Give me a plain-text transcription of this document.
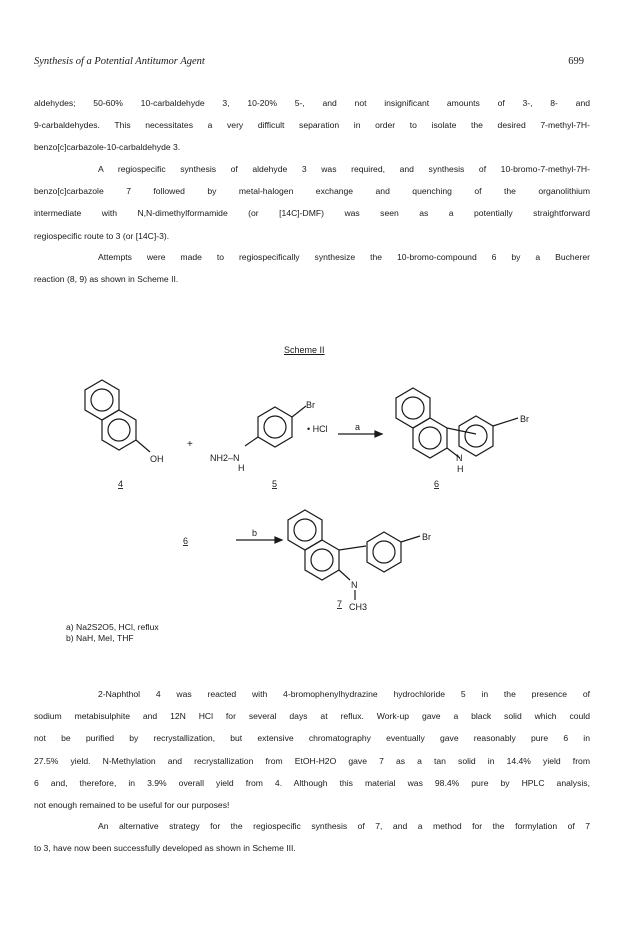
Synthesis of a Potential Antitumor Agent	699
aldehydes; 50-60% 10-carbaldehyde 3, 10-20% 5-, and not insignificant amounts of 3-, 8- and
9-carbaldehydes. This necessitates a very difficult separation in order to isolate the desired 7-methyl-7H-
benzo[c]carbazole-10-carbaldehyde 3.
A regiospecific synthesis of aldehyde 3 was required, and synthesis of 10-bromo-7-methyl-7H-
benzo[c]carbazole 7 followed by metal-halogen exchange and quenching of the organolithium
intermediate with N,N-dimethylformamide (or [14C]-DMF) was seen as a potentially straightforward
regiospecific route to 3 (or [14C]-3).
Attempts were made to regiospecifically synthesize the 10-bromo-compound 6 by a Bucherer
reaction (8, 9) as shown in Scheme II.
Scheme II
OH
+
Br
• HCl
NH2–N
H
a
Br
N
H
4	5	6
6
b	Br
N
CH3
7
a) Na2S2O5, HCl, reflux
b) NaH, MeI, THF
2-Naphthol 4 was reacted with 4-bromophenylhydrazine hydrochloride 5 in the presence of
sodium metabisulphite and 12N HCl for several days at reflux. Work-up gave a black solid which could
not be purified by recrystallization, but extensive chromatography eventually gave reasonably pure 6 in
27.5% yield. N-Methylation and recrystallization from EtOH-H2O gave 7 as a tan solid in 14.4% yield from
6 and, therefore, in 3.9% overall yield from 4. Although this material was 98.4% pure by HPLC analysis,
not enough remained to be useful for our purposes!
An alternative strategy for the regiospecific synthesis of 7, and a method for the formylation of 7
to 3, have now been successfully developed as shown in Scheme III.
